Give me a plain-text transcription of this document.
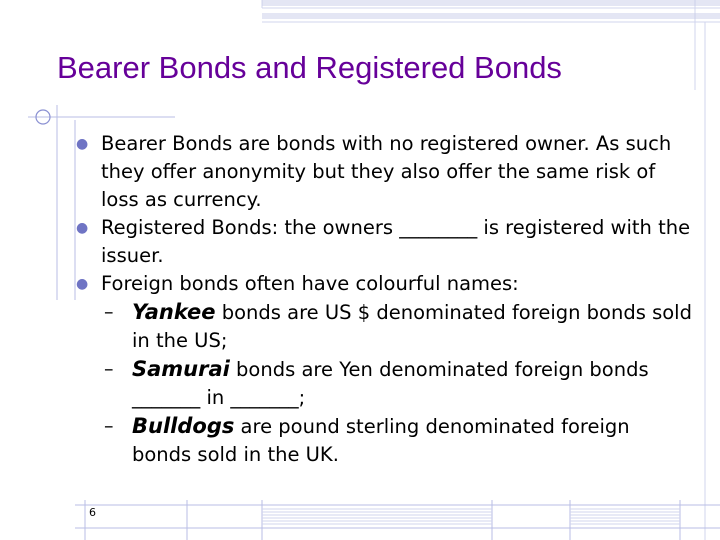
Bearer Bonds and Registered Bonds

● Bearer Bonds are bonds with no registered owner. As such they offer anonymity but they also offer the same risk of loss as currency.

● Registered Bonds: the owners ________ is registered with the issuer.

● Foreign bonds often have colourful names:

– Yankee bonds are US $ denominated foreign bonds sold in the US;

– Samurai bonds are Yen denominated foreign bonds _______ in _______;

– Bulldogs are pound sterling denominated foreign bonds sold in the UK.

6
